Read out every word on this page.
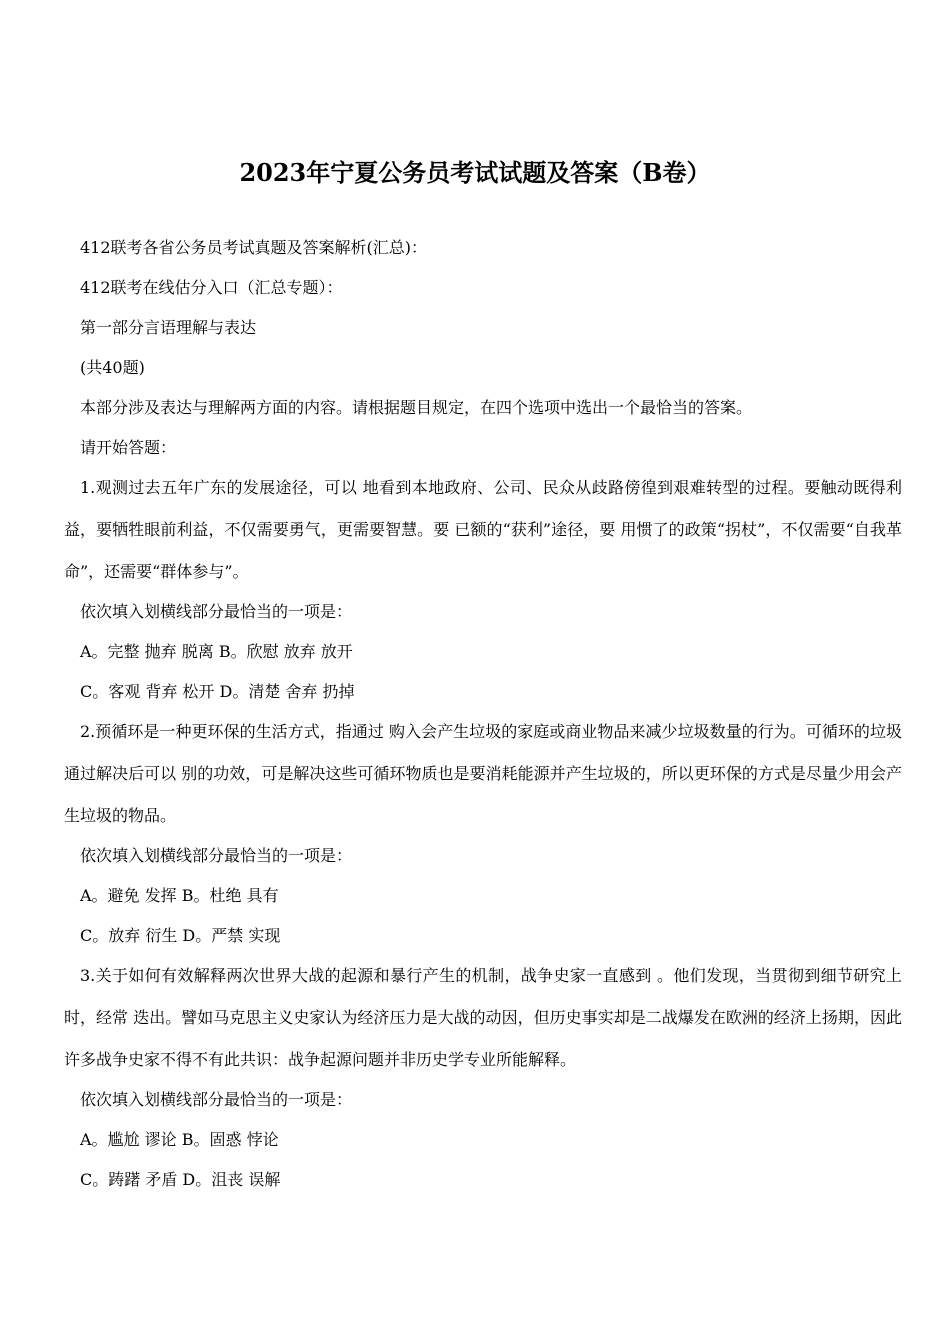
2023年宁夏公务员考试试题及答案（B卷）

412联考各省公务员考试真题及答案解析(汇总)：

412联考在线估分入口（汇总专题）：

第一部分言语理解与表达

(共40题)

本部分涉及表达与理解两方面的内容。请根据题目规定，在四个选项中选出一个最恰当的答案。

请开始答题：

1.观测过去五年广东的发展途径，可以 地看到本地政府、公司、民众从歧路傍徨到艰难转型的过程。要触动既得利益，要牺牲眼前利益，不仅需要勇气，更需要智慧。要 已额的“获利”途径，要 用惯了的政策“拐杖”，不仅需要“自我革命”，还需要“群体参与”。

依次填入划横线部分最恰当的一项是：

A。完整 抛弃 脱离 B。欣慰 放弃 放开

C。客观 背弃 松开 D。清楚 舍弃 扔掉

2.预循环是一种更环保的生活方式，指通过 购入会产生垃圾的家庭或商业物品来减少垃圾数量的行为。可循环的垃圾通过解决后可以 别的功效，可是解决这些可循环物质也是要消耗能源并产生垃圾的，所以更环保的方式是尽量少用会产生垃圾的物品。

依次填入划横线部分最恰当的一项是：

A。避免 发挥 B。杜绝 具有

C。放弃 衍生 D。严禁 实现

3.关于如何有效解释两次世界大战的起源和暴行产生的机制，战争史家一直感到 。他们发现，当贯彻到细节研究上时，经常 迭出。譬如马克思主义史家认为经济压力是大战的动因，但历史事实却是二战爆发在欧洲的经济上扬期，因此许多战争史家不得不有此共识：战争起源问题并非历史学专业所能解释。

依次填入划横线部分最恰当的一项是：

A。尴尬 谬论 B。固惑 悖论

C。踌躇 矛盾 D。沮丧 误解
